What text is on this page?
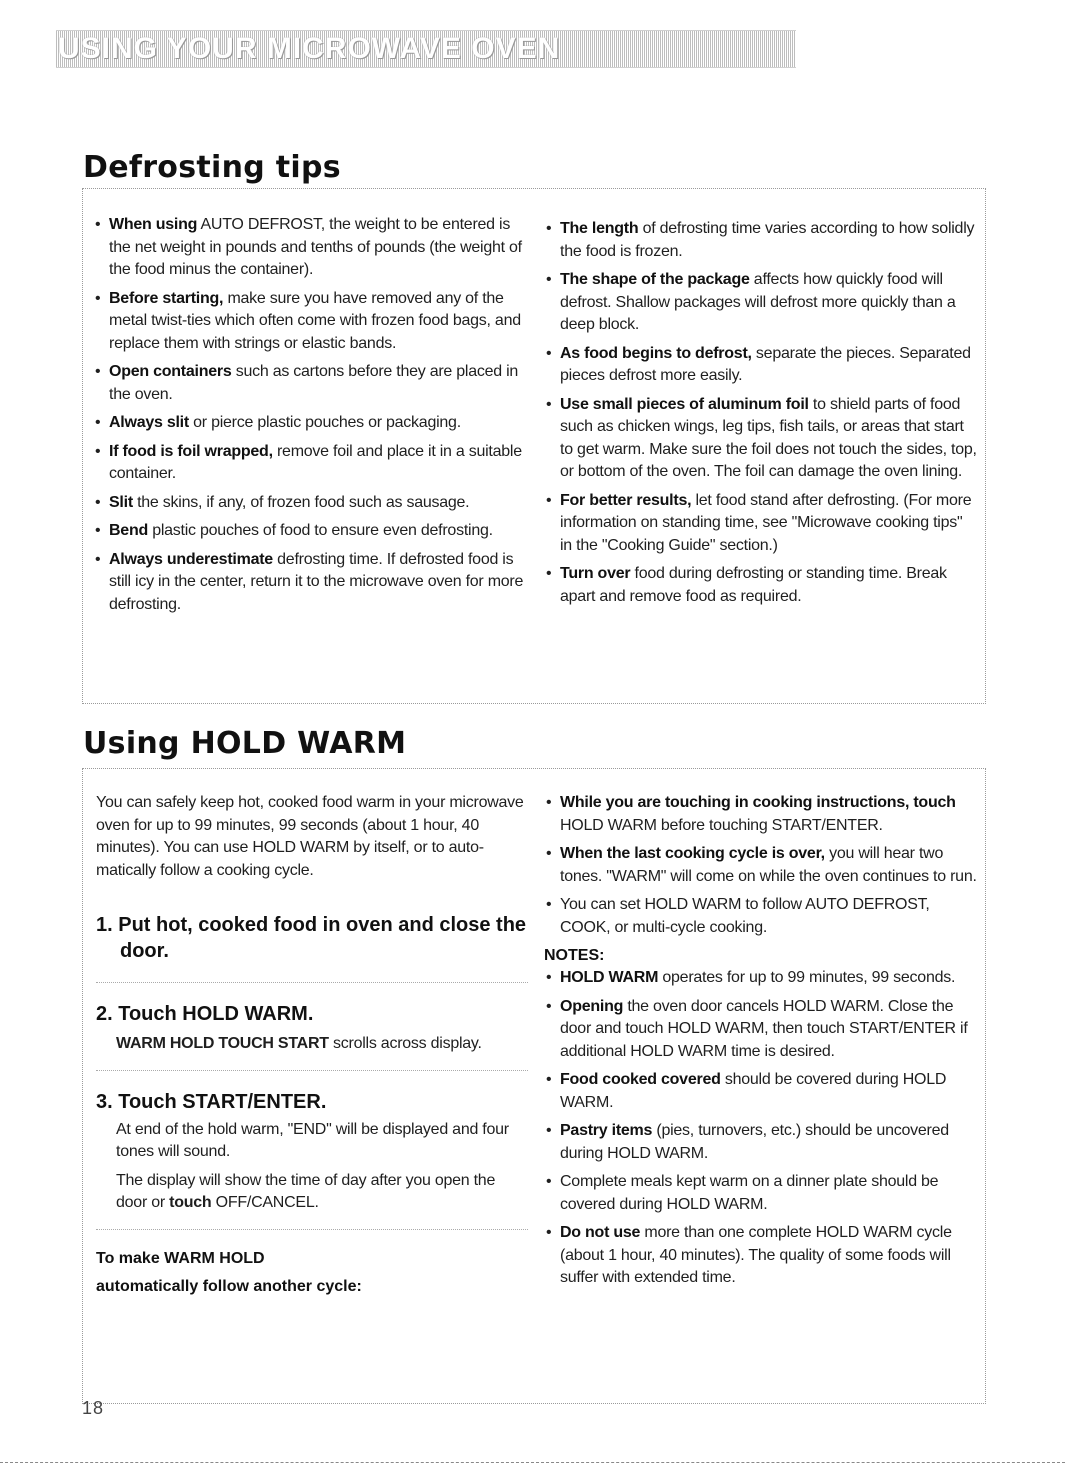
USING YOUR MICROWAVE OVEN
Defrosting tips
• When using AUTO DEFROST, the weight to be entered is the net weight in pounds and tenths of pounds (the weight of the food minus the container).
• Before starting, make sure you have removed any of the metal twist-ties which often come with frozen food bags, and replace them with strings or elastic bands.
• Open containers such as cartons before they are placed in the oven.
• Always slit or pierce plastic pouches or packaging.
• If food is foil wrapped, remove foil and place it in a suitable container.
• Slit the skins, if any, of frozen food such as sausage.
• Bend plastic pouches of food to ensure even defrosting.
• Always underestimate defrosting time. If defrosted food is still icy in the center, return it to the microwave oven for more defrosting.
• The length of defrosting time varies according to how solidly the food is frozen.
• The shape of the package affects how quickly food will defrost. Shallow packages will defrost more quickly than a deep block.
• As food begins to defrost, separate the pieces. Separated pieces defrost more easily.
• Use small pieces of aluminum foil to shield parts of food such as chicken wings, leg tips, fish tails, or areas that start to get warm. Make sure the foil does not touch the sides, top, or bottom of the oven. The foil can damage the oven lining.
• For better results, let food stand after defrosting. (For more information on standing time, see "Microwave cooking tips" in the "Cooking Guide" section.)
• Turn over food during defrosting or standing time. Break apart and remove food as required.
Using HOLD WARM

You can safely keep hot, cooked food warm in your microwave oven for up to 99 minutes, 99 seconds (about 1 hour, 40 minutes). You can use HOLD WARM by itself, or to auto-matically follow a cooking cycle.

1. Put hot, cooked food in oven and close the door.

2. Touch HOLD WARM.

WARM HOLD TOUCH START scrolls across display.

3. Touch START/ENTER.

At end of the hold warm, "END" will be displayed and four tones will sound.

The display will show the time of day after you open the door or touch OFF/CANCEL.

To make WARM HOLD

automatically follow another cycle:

• While you are touching in cooking instructions, touch HOLD WARM before touching START/ENTER.
• When the last cooking cycle is over, you will hear two tones. "WARM" will come on while the oven continues to run.
• You can set HOLD WARM to follow AUTO DEFROST, COOK, or multi-cycle cooking.

NOTES:

• HOLD WARM operates for up to 99 minutes, 99 seconds.
• Opening the oven door cancels HOLD WARM. Close the door and touch HOLD WARM, then touch START/ENTER if additional HOLD WARM time is desired.
• Food cooked covered should be covered during HOLD WARM.
• Pastry items (pies, turnovers, etc.) should be uncovered during HOLD WARM.
• Complete meals kept warm on a dinner plate should be covered during HOLD WARM.
• Do not use more than one complete HOLD WARM cycle (about 1 hour, 40 minutes). The quality of some foods will suffer with extended time.
18
